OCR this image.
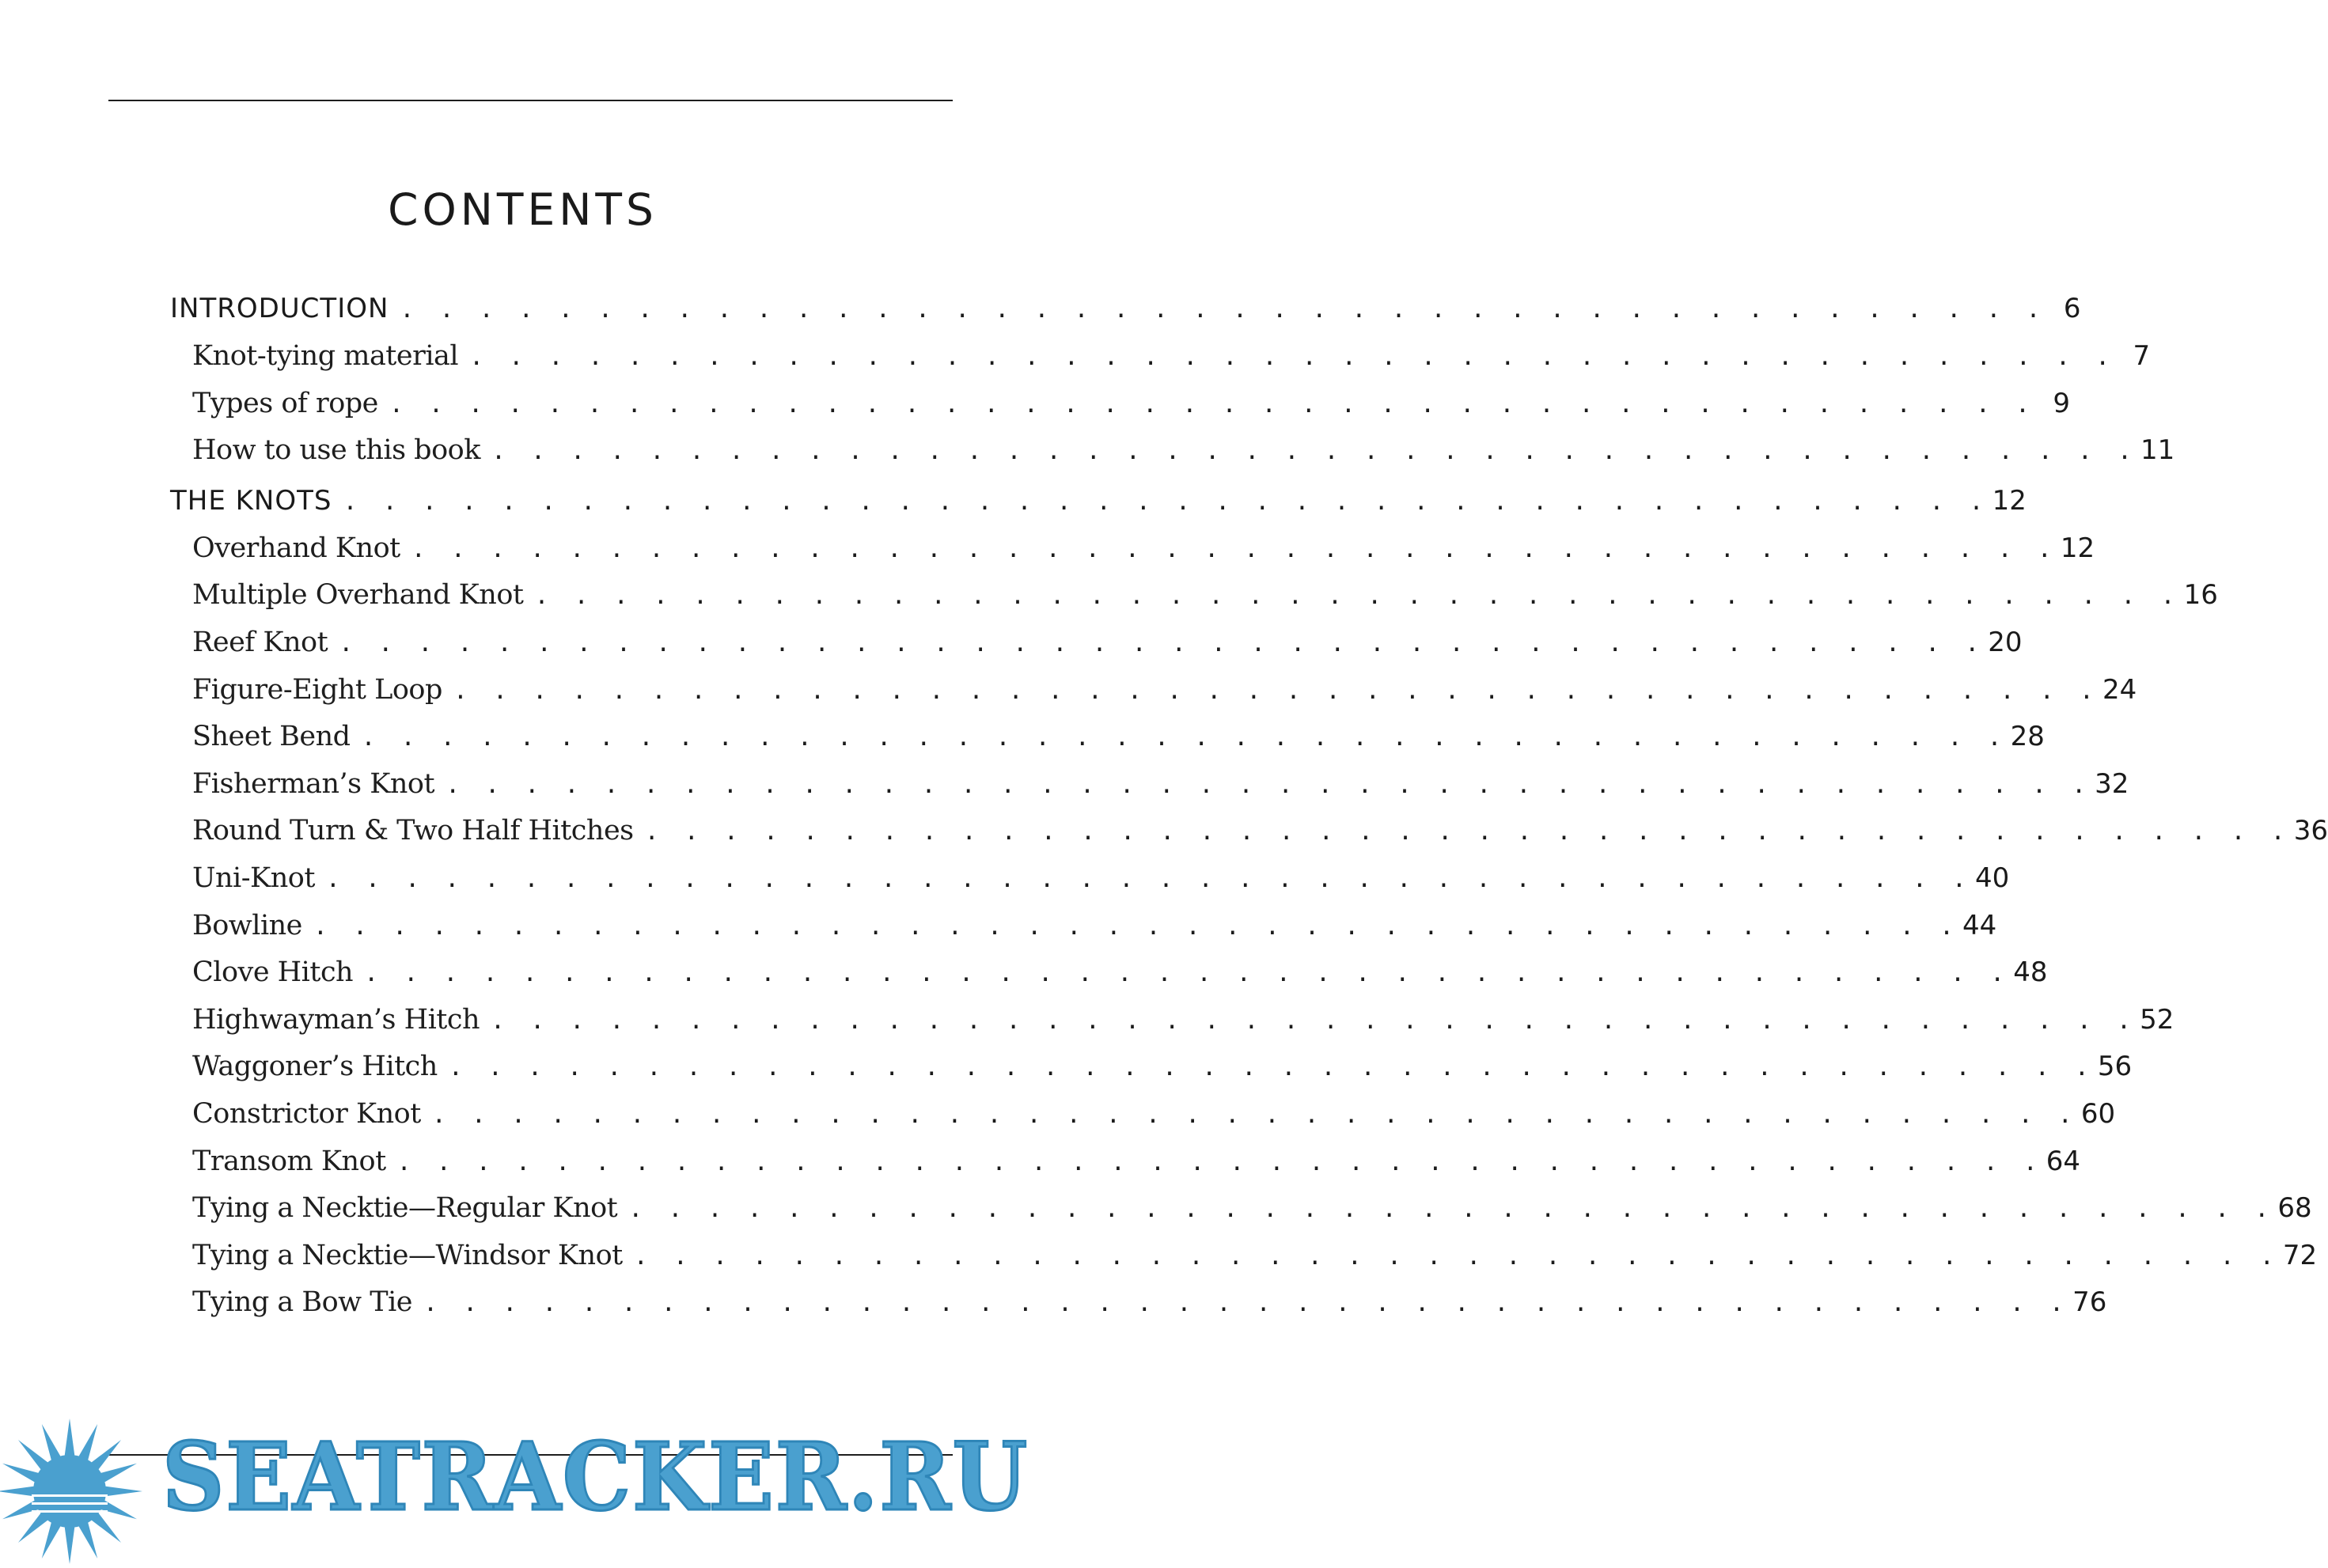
CONTENTS
INTRODUCTION . . . . . . . . . . . . . . . . . . . . . . . . . . . . . . . . . . . . . . . . . . 6
Knot-tying material . . . . . . . . . . . . . . . . . . . . . . . . . . . . . . . . . . . . . . . . . . 7
Types of rope . . . . . . . . . . . . . . . . . . . . . . . . . . . . . . . . . . . . . . . . . . 9
How to use this book . . . . . . . . . . . . . . . . . . . . . . . . . . . . . . . . . . . . . . . . . . 11
THE KNOTS . . . . . . . . . . . . . . . . . . . . . . . . . . . . . . . . . . . . . . . . . . 12
Overhand Knot . . . . . . . . . . . . . . . . . . . . . . . . . . . . . . . . . . . . . . . . . . 12
Multiple Overhand Knot . . . . . . . . . . . . . . . . . . . . . . . . . . . . . . . . . . . . . . . . . . 16
Reef Knot . . . . . . . . . . . . . . . . . . . . . . . . . . . . . . . . . . . . . . . . . . 20
Figure-Eight Loop . . . . . . . . . . . . . . . . . . . . . . . . . . . . . . . . . . . . . . . . . . 24
Sheet Bend . . . . . . . . . . . . . . . . . . . . . . . . . . . . . . . . . . . . . . . . . . 28
Fisherman’s Knot . . . . . . . . . . . . . . . . . . . . . . . . . . . . . . . . . . . . . . . . . . 32
Round Turn & Two Half Hitches . . . . . . . . . . . . . . . . . . . . . . . . . . . . . . . . . . . . . . . . . . 36
Uni-Knot . . . . . . . . . . . . . . . . . . . . . . . . . . . . . . . . . . . . . . . . . . 40
Bowline . . . . . . . . . . . . . . . . . . . . . . . . . . . . . . . . . . . . . . . . . . 44
Clove Hitch . . . . . . . . . . . . . . . . . . . . . . . . . . . . . . . . . . . . . . . . . . 48
Highwayman’s Hitch . . . . . . . . . . . . . . . . . . . . . . . . . . . . . . . . . . . . . . . . . . 52
Waggoner’s Hitch . . . . . . . . . . . . . . . . . . . . . . . . . . . . . . . . . . . . . . . . . . 56
Constrictor Knot . . . . . . . . . . . . . . . . . . . . . . . . . . . . . . . . . . . . . . . . . . 60
Transom Knot . . . . . . . . . . . . . . . . . . . . . . . . . . . . . . . . . . . . . . . . . . 64
Tying a Necktie—Regular Knot . . . . . . . . . . . . . . . . . . . . . . . . . . . . . . . . . . . . . . . . . . 68
Tying a Necktie—Windsor Knot . . . . . . . . . . . . . . . . . . . . . . . . . . . . . . . . . . . . . . . . . . 72
Tying a Bow Tie . . . . . . . . . . . . . . . . . . . . . . . . . . . . . . . . . . . . . . . . . . 76
SEATRACKER.RU
